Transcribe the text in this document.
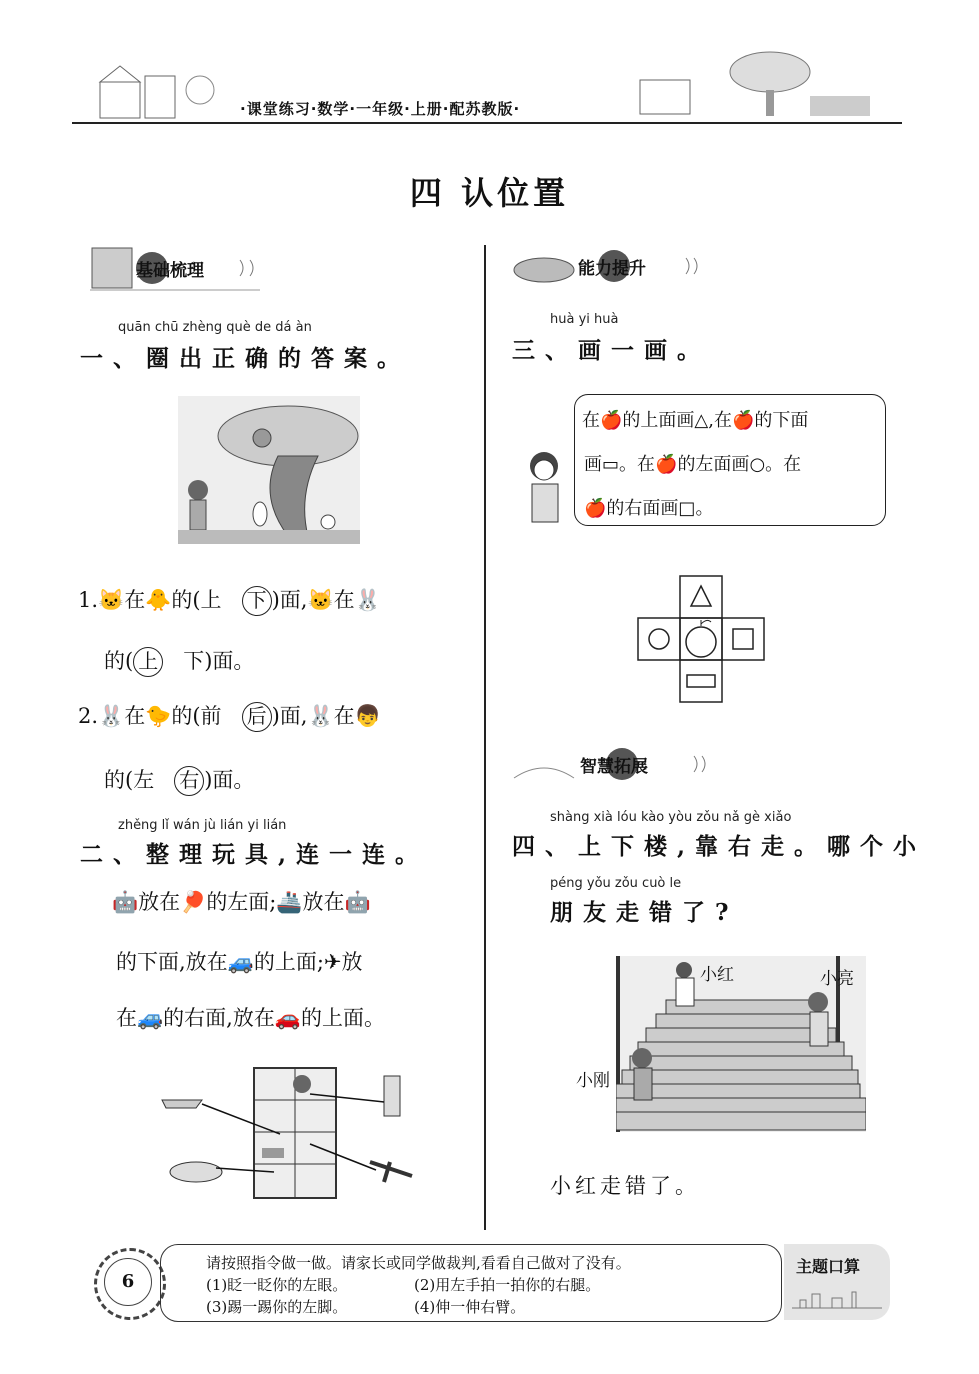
·课堂练习·数学·一年级·上册·配苏教版·
四 认位置
基础梳理
quān chū zhèng què de dá àn
一、圈出正确的答案。
1.🐱在🐥的(上 下 )面,🐱在🐰
的( 上 下)面。
2.🐰在🐤的(前 后 )面,🐰在👦
的(左 右 )面。
zhěng lǐ wán jù lián yi lián
二、整理玩具,连一连。
🤖放在🏓的左面;🚢放在🤖
的下面,放在🚙的上面;✈放
在🚙的右面,放在🚗的上面。
能力提升
huà yi huà
三、画一画。
在🍎的上面画△,在🍎的下面
画▭。在🍎的左面画○。在
🍎的右面画□。
智慧拓展
shàng xià lóu kào yòu zǒu nǎ gè xiǎo
四、上下楼,靠右走。哪个小
péng yǒu zǒu cuò le
朋友走错了?
小红	小亮
小刚
小红走错了。
6
请按照指令做一做。请家长或同学做裁判,看看自己做对了没有。
(1)眨一眨你的左眼。	(2)用左手拍一拍你的右腿。
(3)踢一踢你的左脚。	(4)伸一伸右臂。
主题口算
